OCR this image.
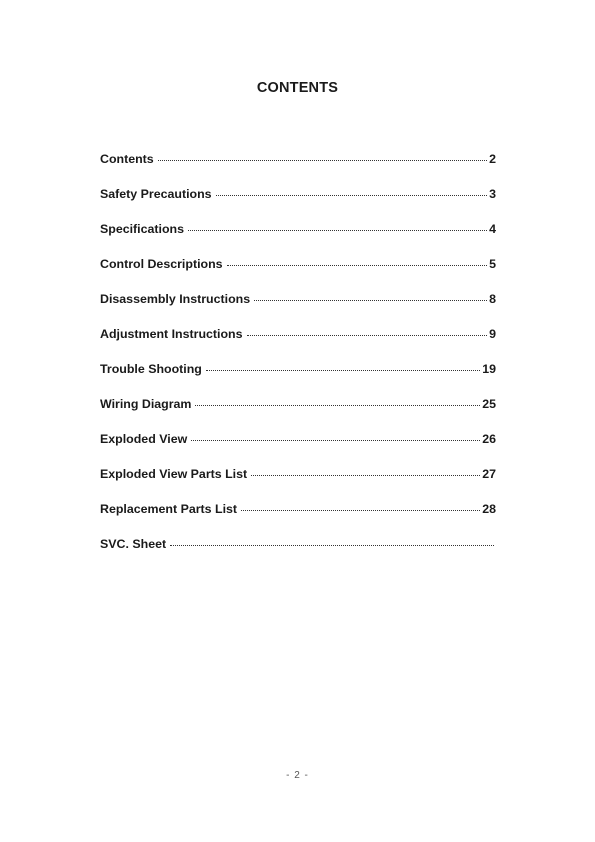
CONTENTS
Contents	2
Safety Precautions	3
Specifications	4
Control Descriptions	5
Disassembly Instructions	8
Adjustment Instructions	9
Trouble Shooting	19
Wiring Diagram	25
Exploded View	26
Exploded View Parts List	27
Replacement Parts List	28
SVC. Sheet
- 2 -
